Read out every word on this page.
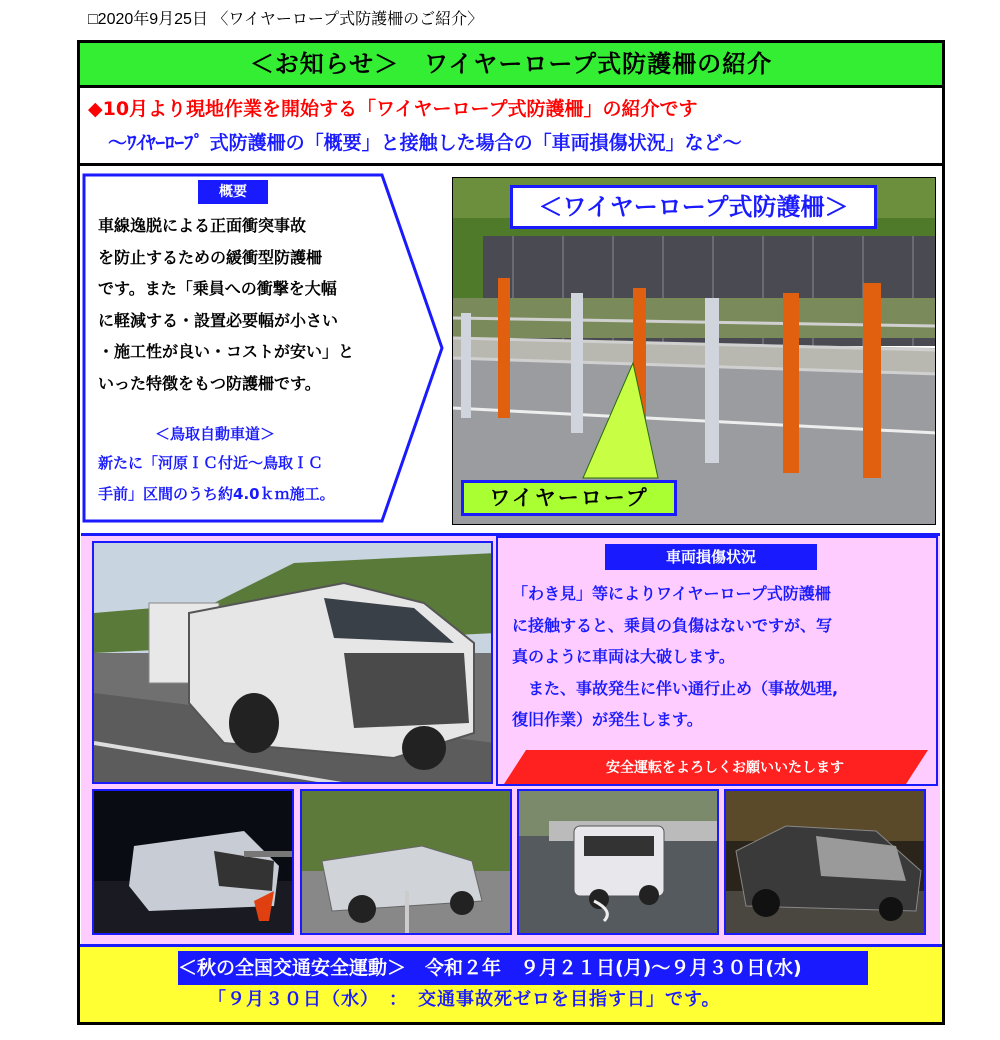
□2020年9月25日 〈ワイヤーロープ式防護柵のご紹介〉
＜お知らせ＞　ワイヤーロープ式防護柵の紹介
◆10月より現地作業を開始する「ワイヤーロープ式防護柵」の紹介です
～ﾜｲﾔｰﾛｰﾌﾟ 式防護柵の「概要」と接触した場合の「車両損傷状況」など～
概要
車線逸脱による正面衝突事故
を防止するための緩衝型防護柵
です。また「乗員への衝撃を大幅
に軽減する・設置必要幅が小さい
・施工性が良い・コストが安い」と
いった特徴をもつ防護柵です。
＜鳥取自動車道＞
新たに「河原ＩＣ付近～鳥取ＩＣ
手前」区間のうち約4.0ｋｍ施工。
＜ワイヤーロープ式防護柵＞
ワイヤーロープ
車両損傷状況
「わき見」等によりワイヤーロープ式防護柵
に接触すると、乗員の負傷はないですが、写
真のように車両は大破します。
　また、事故発生に伴い通行止め（事故処理,
復旧作業）が発生します。
安全運転をよろしくお願いいたします
＜秋の全国交通安全運動＞　令和２年　９月２１日(月)～９月３０日(水)
「９月３０日（水）　：　交通事故死ゼロを目指す日」です。
